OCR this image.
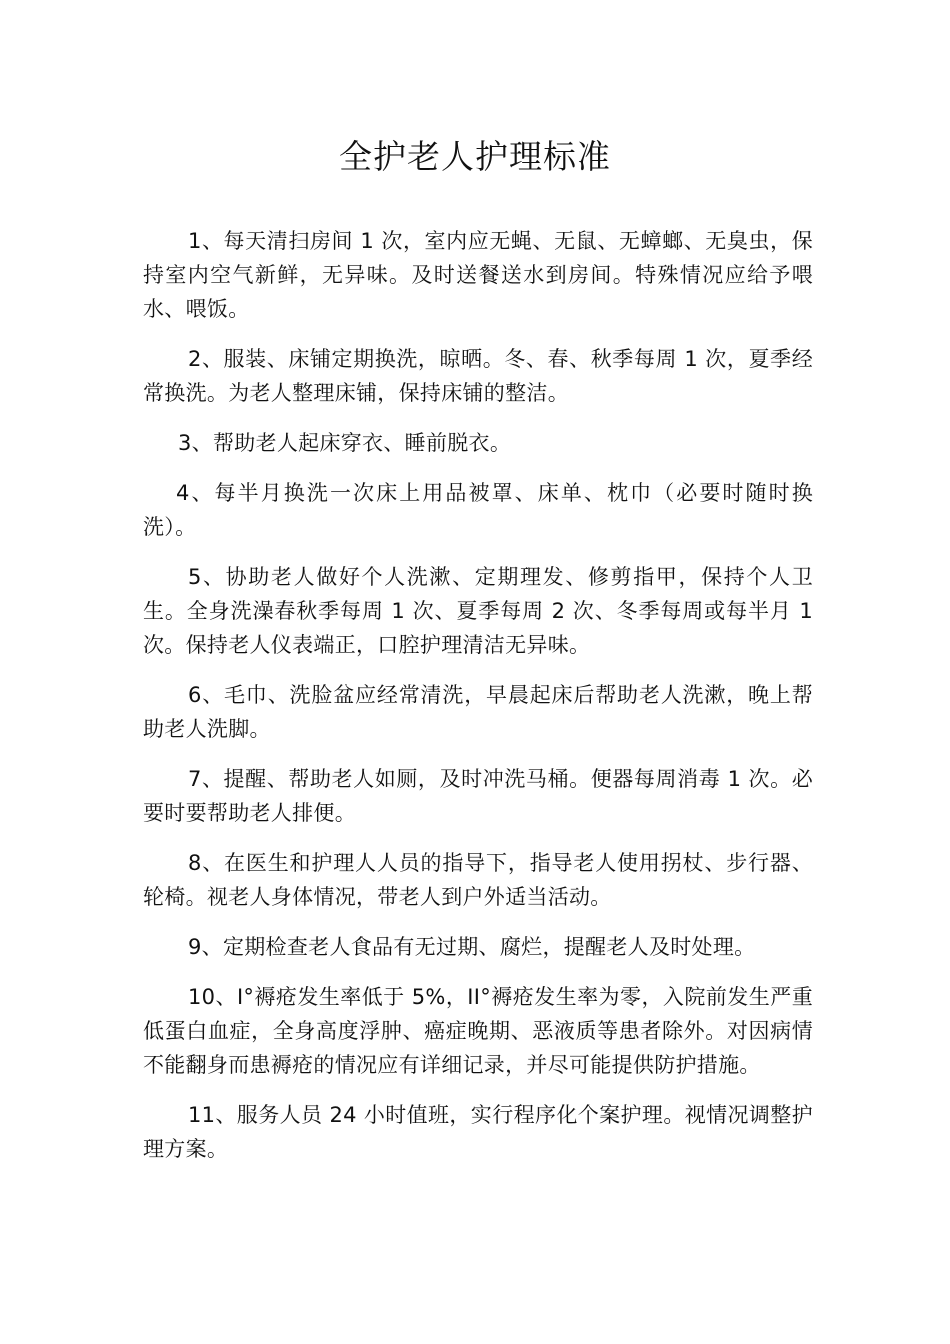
全护老人护理标准

1、每天清扫房间 1 次，室内应无蝇、无鼠、无蟑螂、无臭虫，保持室内空气新鲜，无异味。及时送餐送水到房间。特殊情况应给予喂水、喂饭。

2、服装、床铺定期换洗，晾晒。冬、春、秋季每周 1 次，夏季经常换洗。为老人整理床铺，保持床铺的整洁。

3、帮助老人起床穿衣、睡前脱衣。

4、每半月换洗一次床上用品被罩、床单、枕巾（必要时随时换洗）。

5、协助老人做好个人洗漱、定期理发、修剪指甲，保持个人卫生。全身洗澡春秋季每周 1 次、夏季每周 2 次、冬季每周或每半月 1 次。保持老人仪表端正，口腔护理清洁无异味。

6、毛巾、洗脸盆应经常清洗，早晨起床后帮助老人洗漱，晚上帮助老人洗脚。

7、提醒、帮助老人如厕，及时冲洗马桶。便器每周消毒 1 次。必要时要帮助老人排便。

8、在医生和护理人人员的指导下，指导老人使用拐杖、步行器、轮椅。视老人身体情况，带老人到户外适当活动。

9、定期检查老人食品有无过期、腐烂，提醒老人及时处理。

10、I°褥疮发生率低于 5%，II°褥疮发生率为零，入院前发生严重低蛋白血症，全身高度浮肿、癌症晚期、恶液质等患者除外。对因病情不能翻身而患褥疮的情况应有详细记录，并尽可能提供防护措施。

11、服务人员 24 小时值班，实行程序化个案护理。视情况调整护理方案。
